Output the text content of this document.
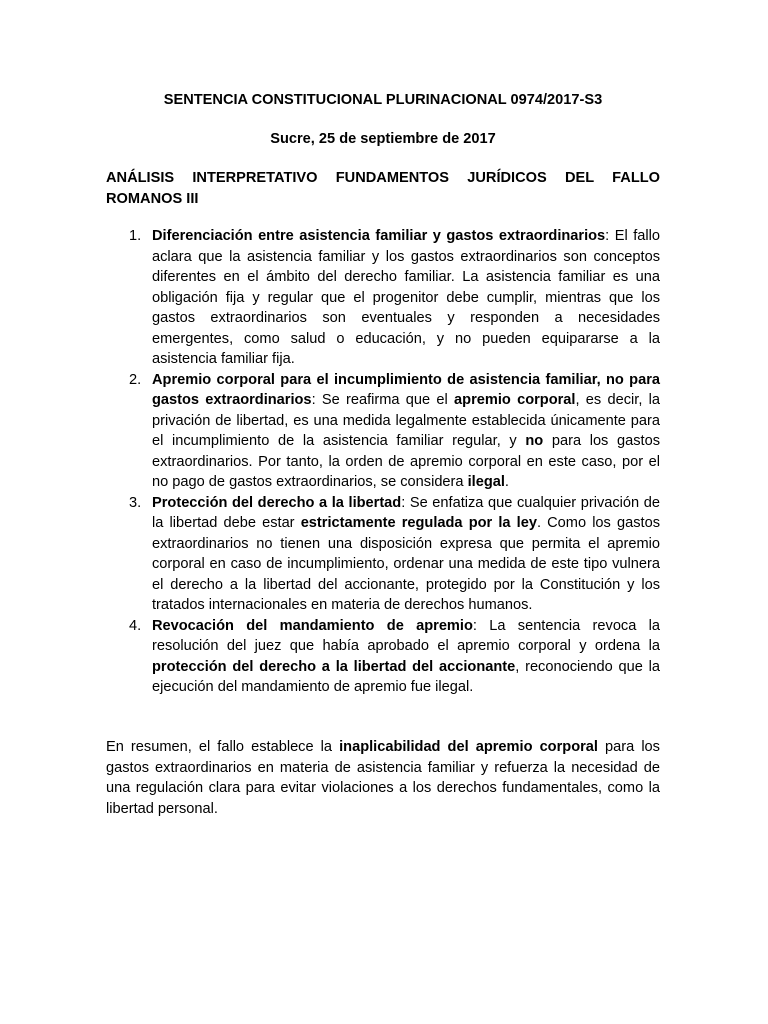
SENTENCIA CONSTITUCIONAL PLURINACIONAL 0974/2017-S3

Sucre, 25 de septiembre de 2017

ANÁLISIS INTERPRETATIVO FUNDAMENTOS JURÍDICOS DEL FALLO
ROMANOS III

1. Diferenciación entre asistencia familiar y gastos extraordinarios: El fallo aclara que la asistencia familiar y los gastos extraordinarios son conceptos diferentes en el ámbito del derecho familiar. La asistencia familiar es una obligación fija y regular que el progenitor debe cumplir, mientras que los gastos extraordinarios son eventuales y responden a necesidades emergentes, como salud o educación, y no pueden equipararse a la asistencia familiar fija.
2. Apremio corporal para el incumplimiento de asistencia familiar, no para gastos extraordinarios: Se reafirma que el apremio corporal, es decir, la privación de libertad, es una medida legalmente establecida únicamente para el incumplimiento de la asistencia familiar regular, y no para los gastos extraordinarios. Por tanto, la orden de apremio corporal en este caso, por el no pago de gastos extraordinarios, se considera ilegal.
3. Protección del derecho a la libertad: Se enfatiza que cualquier privación de la libertad debe estar estrictamente regulada por la ley. Como los gastos extraordinarios no tienen una disposición expresa que permita el apremio corporal en caso de incumplimiento, ordenar una medida de este tipo vulnera el derecho a la libertad del accionante, protegido por la Constitución y los tratados internacionales en materia de derechos humanos.
4. Revocación del mandamiento de apremio: La sentencia revoca la resolución del juez que había aprobado el apremio corporal y ordena la protección del derecho a la libertad del accionante, reconociendo que la ejecución del mandamiento de apremio fue ilegal.

En resumen, el fallo establece la inaplicabilidad del apremio corporal para los gastos extraordinarios en materia de asistencia familiar y refuerza la necesidad de una regulación clara para evitar violaciones a los derechos fundamentales, como la libertad personal.
